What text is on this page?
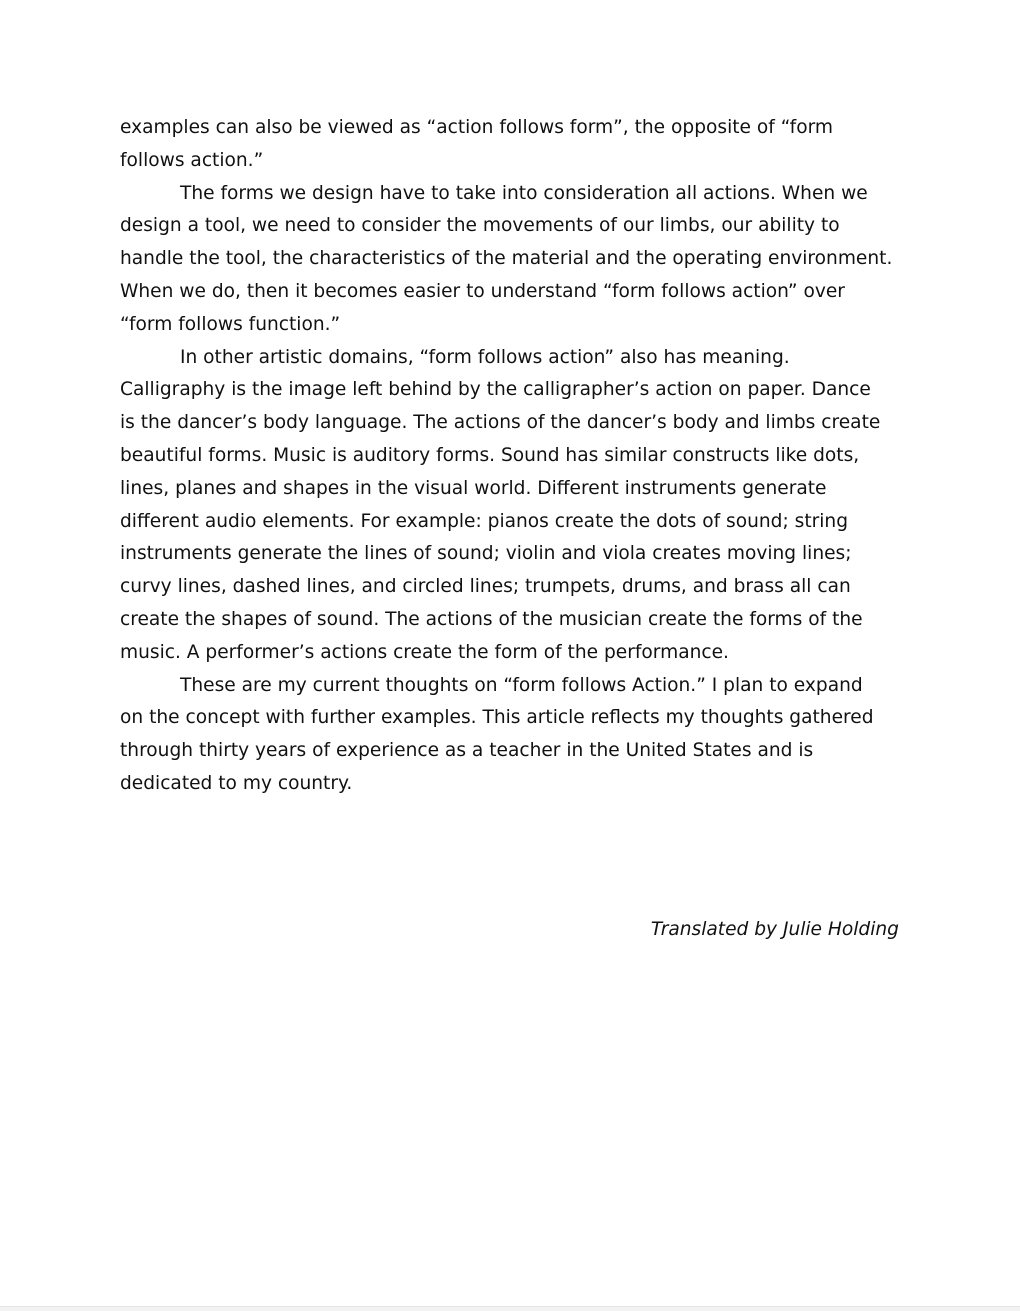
examples can also be viewed as “action follows form”, the opposite of “form
follows action.”

The forms we design have to take into consideration all actions. When we
design a tool, we need to consider the movements of our limbs, our ability to
handle the tool, the characteristics of the material and the operating environment.
When we do, then it becomes easier to understand “form follows action” over
“form follows function.”

In other artistic domains, “form follows action” also has meaning.
Calligraphy is the image left behind by the calligrapher’s action on paper. Dance
is the dancer’s body language. The actions of the dancer’s body and limbs create
beautiful forms. Music is auditory forms. Sound has similar constructs like dots,
lines, planes and shapes in the visual world. Different instruments generate
different audio elements. For example: pianos create the dots of sound; string
instruments generate the lines of sound; violin and viola creates moving lines;
curvy lines, dashed lines, and circled lines; trumpets, drums, and brass all can
create the shapes of sound. The actions of the musician create the forms of the
music. A performer’s actions create the form of the performance.

These are my current thoughts on “form follows Action.” I plan to expand
on the concept with further examples. This article reflects my thoughts gathered
through thirty years of experience as a teacher in the United States and is
dedicated to my country.

Translated by Julie Holding
